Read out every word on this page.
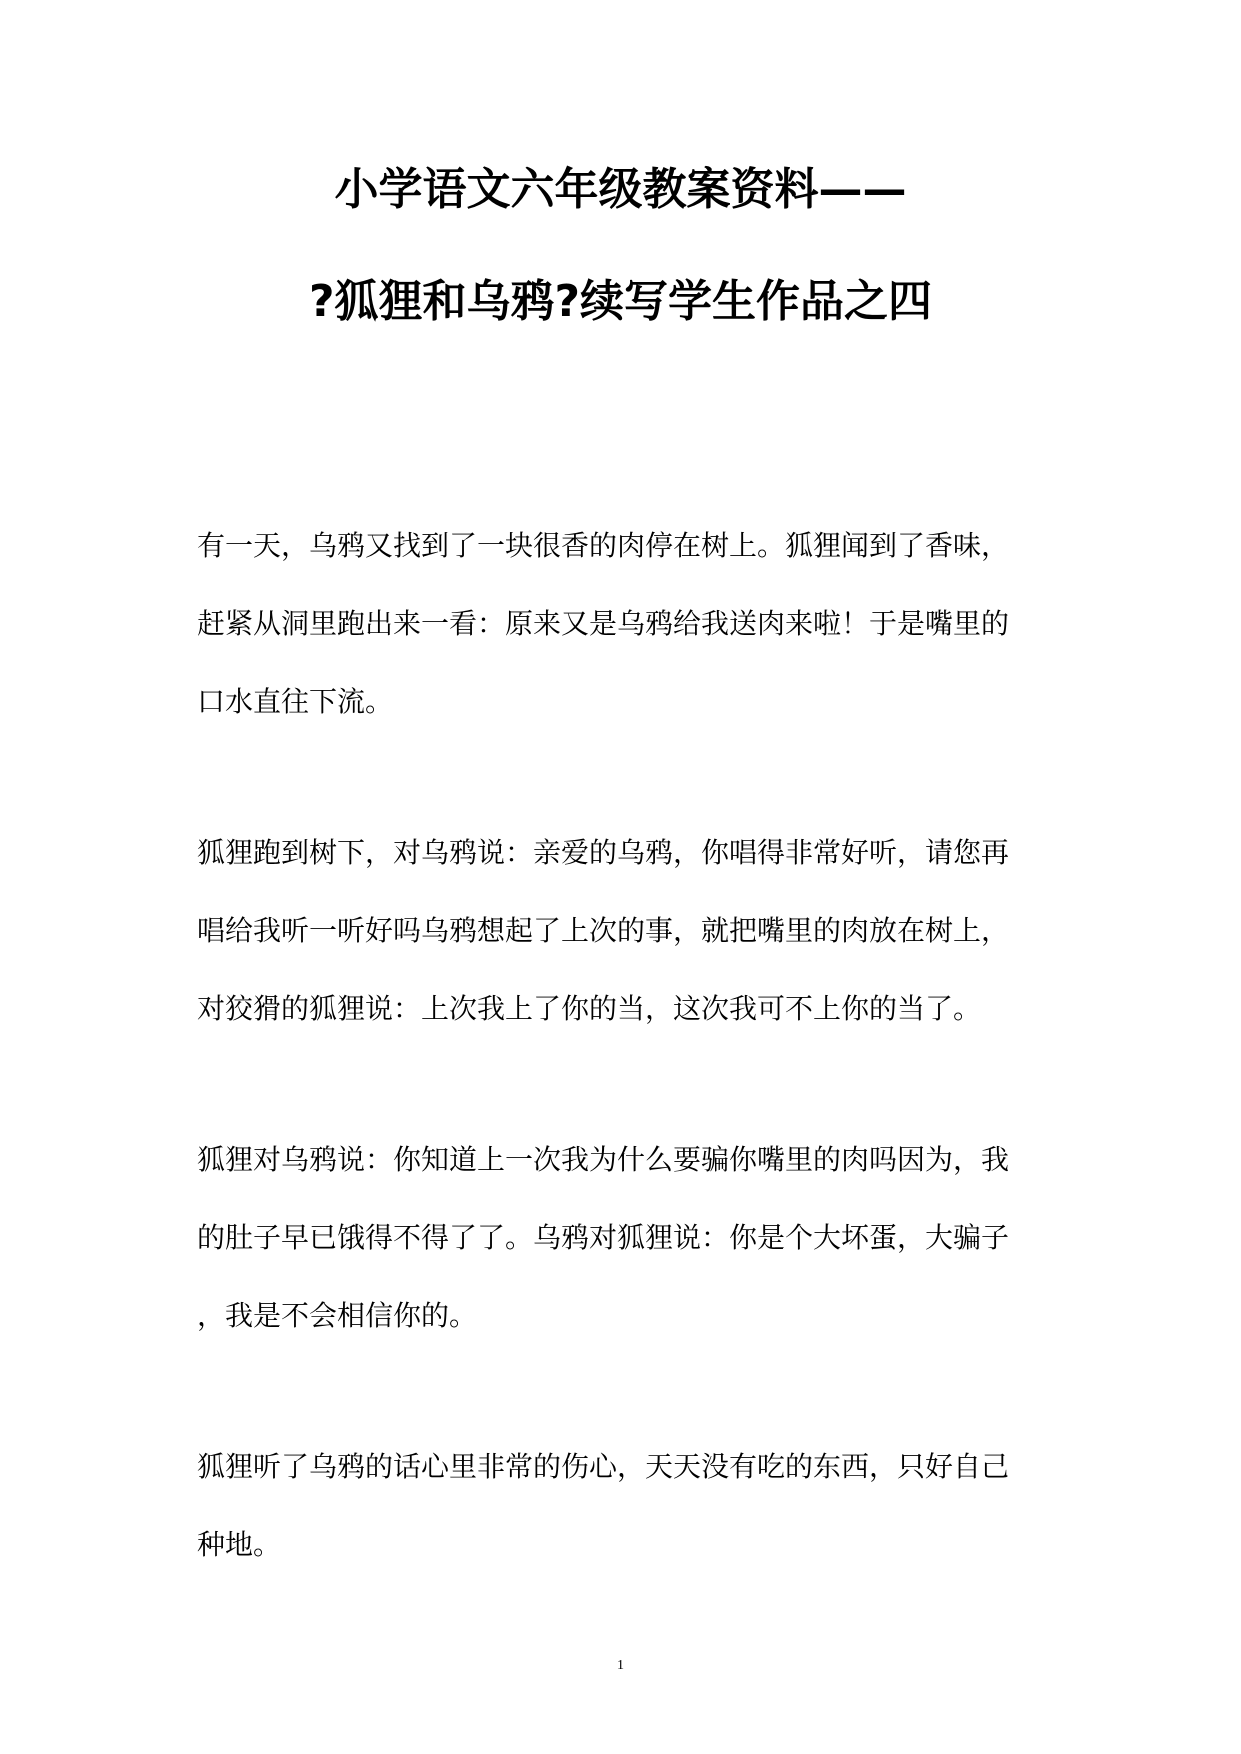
小学语文六年级教案资料——
?狐狸和乌鸦?续写学生作品之四
有一天，乌鸦又找到了一块很香的肉停在树上。狐狸闻到了香味，
赶紧从洞里跑出来一看：原来又是乌鸦给我送肉来啦！于是嘴里的
口水直往下流。
狐狸跑到树下，对乌鸦说：亲爱的乌鸦，你唱得非常好听，请您再
唱给我听一听好吗乌鸦想起了上次的事，就把嘴里的肉放在树上，
对狡猾的狐狸说：上次我上了你的当，这次我可不上你的当了。
狐狸对乌鸦说：你知道上一次我为什么要骗你嘴里的肉吗因为，我
的肚子早已饿得不得了了。乌鸦对狐狸说：你是个大坏蛋，大骗子
，我是不会相信你的。
狐狸听了乌鸦的话心里非常的伤心，天天没有吃的东西，只好自己
种地。
1
